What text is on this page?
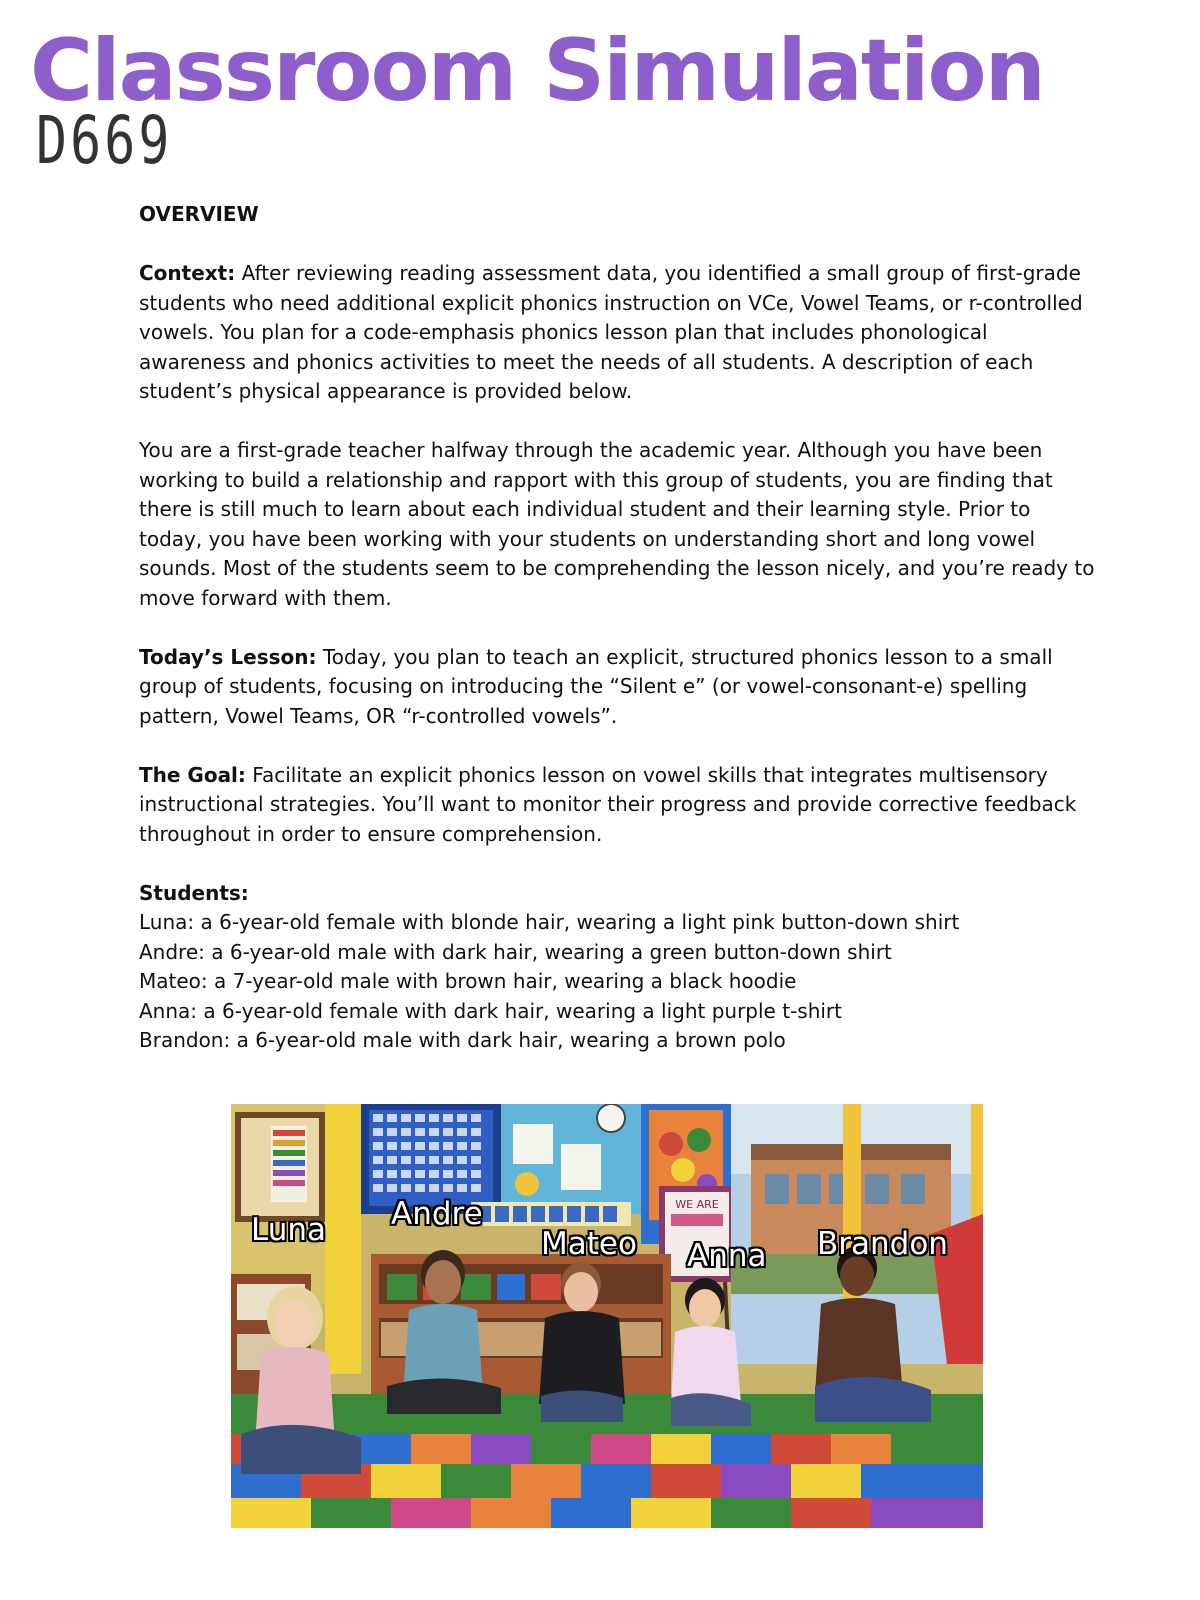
Classroom Simulation
D669

OVERVIEW

Context: After reviewing reading assessment data, you identified a small group of first-grade students who need additional explicit phonics instruction on VCe, Vowel Teams, or r-controlled vowels. You plan for a code-emphasis phonics lesson plan that includes phonological awareness and phonics activities to meet the needs of all students. A description of each student’s physical appearance is provided below.

You are a first-grade teacher halfway through the academic year. Although you have been working to build a relationship and rapport with this group of students, you are finding that there is still much to learn about each individual student and their learning style. Prior to today, you have been working with your students on understanding short and long vowel sounds. Most of the students seem to be comprehending the lesson nicely, and you’re ready to move forward with them.

Today’s Lesson: Today, you plan to teach an explicit, structured phonics lesson to a small group of students, focusing on introducing the “Silent e” (or vowel-consonant-e) spelling pattern, Vowel Teams, OR “r-controlled vowels”.

The Goal: Facilitate an explicit phonics lesson on vowel skills that integrates multisensory instructional strategies. You’ll want to monitor their progress and provide corrective feedback throughout in order to ensure comprehension.

Students:
Luna: a 6-year-old female with blonde hair, wearing a light pink button-down shirt
Andre: a 6-year-old male with dark hair, wearing a green button-down shirt
Mateo: a 7-year-old male with brown hair, wearing a black hoodie
Anna: a 6-year-old female with dark hair, wearing a light purple t-shirt
Brandon: a 6-year-old male with dark hair, wearing a brown polo
WE ARE
Luna Andre
Mateo Anna Brandon
